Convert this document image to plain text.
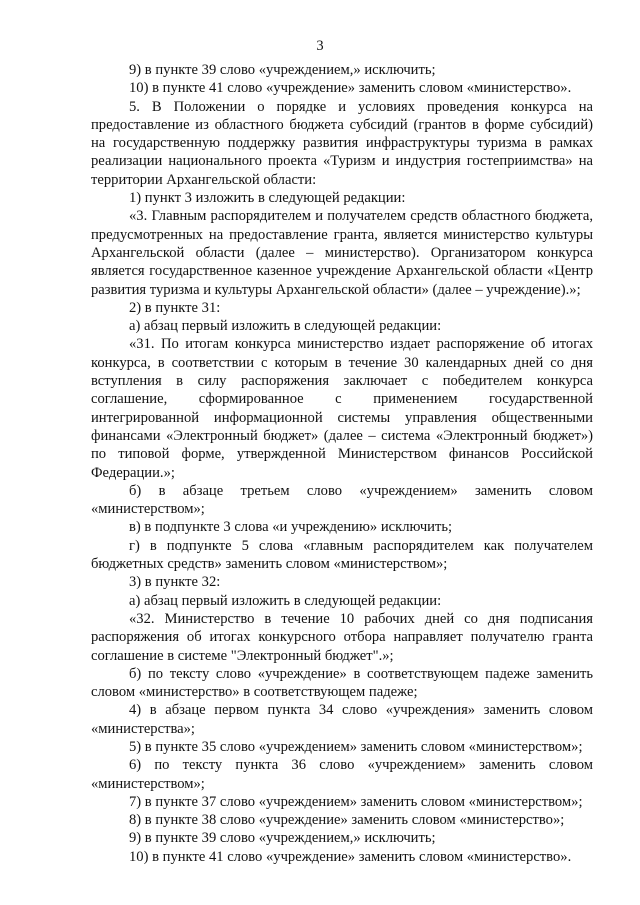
3

9) в пункте 39 слово «учреждением,» исключить;

10) в пункте 41 слово «учреждение» заменить словом «министерство».

5. В Положении о порядке и условиях проведения конкурса на предоставление из областного бюджета субсидий (грантов в форме субсидий) на государственную поддержку развития инфраструктуры туризма в рамках реализации национального проекта «Туризм и индустрия гостеприимства» на территории Архангельской области:

1) пункт 3 изложить в следующей редакции:

«3. Главным распорядителем и получателем средств областного бюджета, предусмотренных на предоставление гранта, является министерство культуры Архангельской области (далее – министерство). Организатором конкурса является государственное казенное учреждение Архангельской области «Центр развития туризма и культуры Архангельской области» (далее – учреждение).»;

2) в пункте 31:

а) абзац первый изложить в следующей редакции:

«31. По итогам конкурса министерство издает распоряжение об итогах конкурса, в соответствии с которым в течение 30 календарных дней со дня вступления в силу распоряжения заключает с победителем конкурса соглашение, сформированное с применением государственной интегрированной информационной системы управления общественными финансами «Электронный бюджет» (далее – система «Электронный бюджет») по типовой форме, утвержденной Министерством финансов Российской Федерации.»;

б) в абзаце третьем слово «учреждением» заменить словом «министерством»;

в) в подпункте 3 слова «и учреждению» исключить;

г) в подпункте 5 слова «главным распорядителем как получателем бюджетных средств» заменить словом «министерством»;

3) в пункте 32:

а) абзац первый изложить в следующей редакции:

«32. Министерство в течение 10 рабочих дней со дня подписания распоряжения об итогах конкурсного отбора направляет получателю гранта соглашение в системе "Электронный бюджет".»;

б) по тексту слово «учреждение» в соответствующем падеже заменить словом «министерство» в соответствующем падеже;

4) в абзаце первом пункта 34 слово «учреждения» заменить словом «министерства»;

5) в пункте 35 слово «учреждением» заменить словом «министерством»;

6) по тексту пункта 36 слово «учреждением» заменить словом «министерством»;

7) в пункте 37 слово «учреждением» заменить словом «министерством»;

8) в пункте 38 слово «учреждение» заменить словом «министерство»;

9) в пункте 39 слово «учреждением,» исключить;

10) в пункте 41 слово «учреждение» заменить словом «министерство».
